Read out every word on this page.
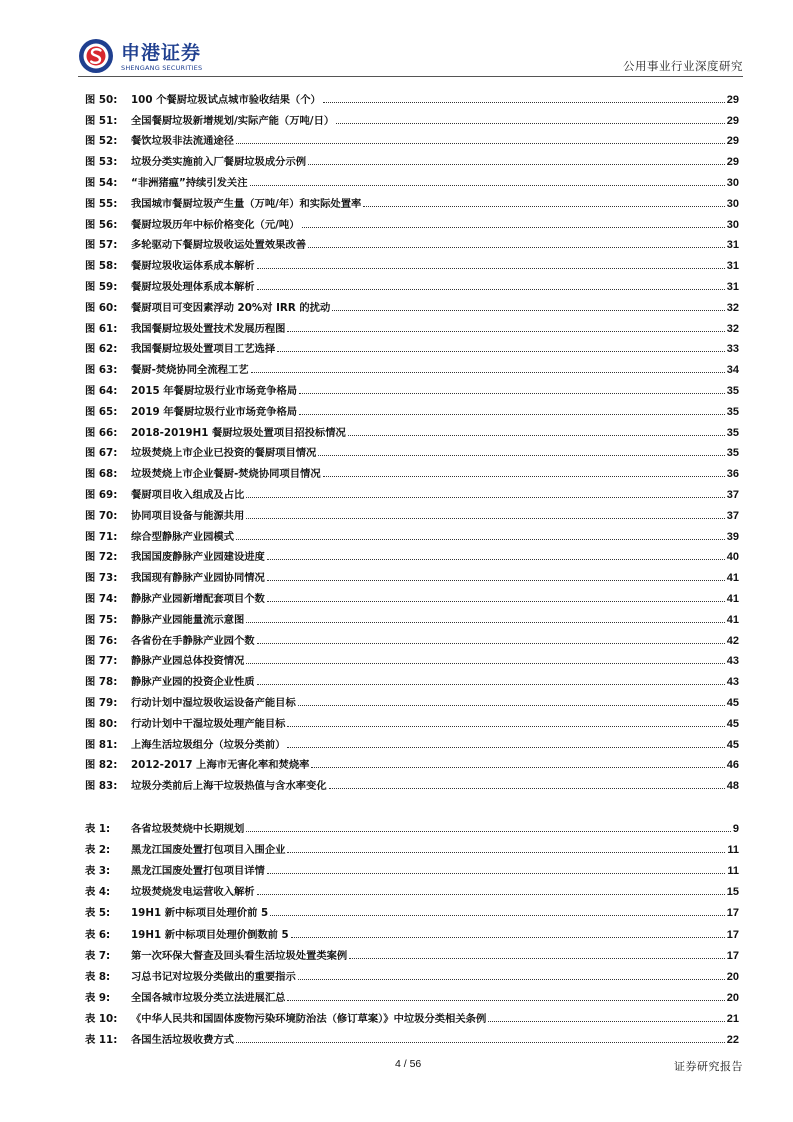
申港证券
SHENGANG SECURITIES	公用事业行业深度研究
图 50:	100 个餐厨垃圾试点城市验收结果（个）	29
图 51:	全国餐厨垃圾新增规划/实际产能（万吨/日）	29
图 52:	餐饮垃圾非法流通途径	29
图 53:	垃圾分类实施前入厂餐厨垃圾成分示例	29
图 54:	“非洲猪瘟”持续引发关注	30
图 55:	我国城市餐厨垃圾产生量（万吨/年）和实际处置率	30
图 56:	餐厨垃圾历年中标价格变化（元/吨）	30
图 57:	多轮驱动下餐厨垃圾收运处置效果改善	31
图 58:	餐厨垃圾收运体系成本解析	31
图 59:	餐厨垃圾处理体系成本解析	31
图 60:	餐厨项目可变因素浮动 20%对 IRR 的扰动	32
图 61:	我国餐厨垃圾处置技术发展历程图	32
图 62:	我国餐厨垃圾处置项目工艺选择	33
图 63:	餐厨-焚烧协同全流程工艺	34
图 64:	2015 年餐厨垃圾行业市场竞争格局	35
图 65:	2019 年餐厨垃圾行业市场竞争格局	35
图 66:	2018-2019H1 餐厨垃圾处置项目招投标情况	35
图 67:	垃圾焚烧上市企业已投资的餐厨项目情况	35
图 68:	垃圾焚烧上市企业餐厨-焚烧协同项目情况	36
图 69:	餐厨项目收入组成及占比	37
图 70:	协同项目设备与能源共用	37
图 71:	综合型静脉产业园模式	39
图 72:	我国国废静脉产业园建设进度	40
图 73:	我国现有静脉产业园协同情况	41
图 74:	静脉产业园新增配套项目个数	41
图 75:	静脉产业园能量流示意图	41
图 76:	各省份在手静脉产业园个数	42
图 77:	静脉产业园总体投资情况	43
图 78:	静脉产业园的投资企业性质	43
图 79:	行动计划中湿垃圾收运设备产能目标	45
图 80:	行动计划中干湿垃圾处理产能目标	45
图 81:	上海生活垃圾组分（垃圾分类前）	45
图 82:	2012-2017 上海市无害化率和焚烧率	46
图 83:	垃圾分类前后上海干垃圾热值与含水率变化	48
表 1:	各省垃圾焚烧中长期规划	9
表 2:	黑龙江国废处置打包项目入围企业	11
表 3:	黑龙江国废处置打包项目详情	11
表 4:	垃圾焚烧发电运营收入解析	15
表 5:	19H1 新中标项目处理价前 5	17
表 6:	19H1 新中标项目处理价倒数前 5	17
表 7:	第一次环保大督查及回头看生活垃圾处置类案例	17
表 8:	习总书记对垃圾分类做出的重要指示	20
表 9:	全国各城市垃圾分类立法进展汇总	20
表 10:	《中华人民共和国固体废物污染环境防治法（修订草案）》中垃圾分类相关条例	21
表 11:	各国生活垃圾收费方式	22
4 / 56	证券研究报告
